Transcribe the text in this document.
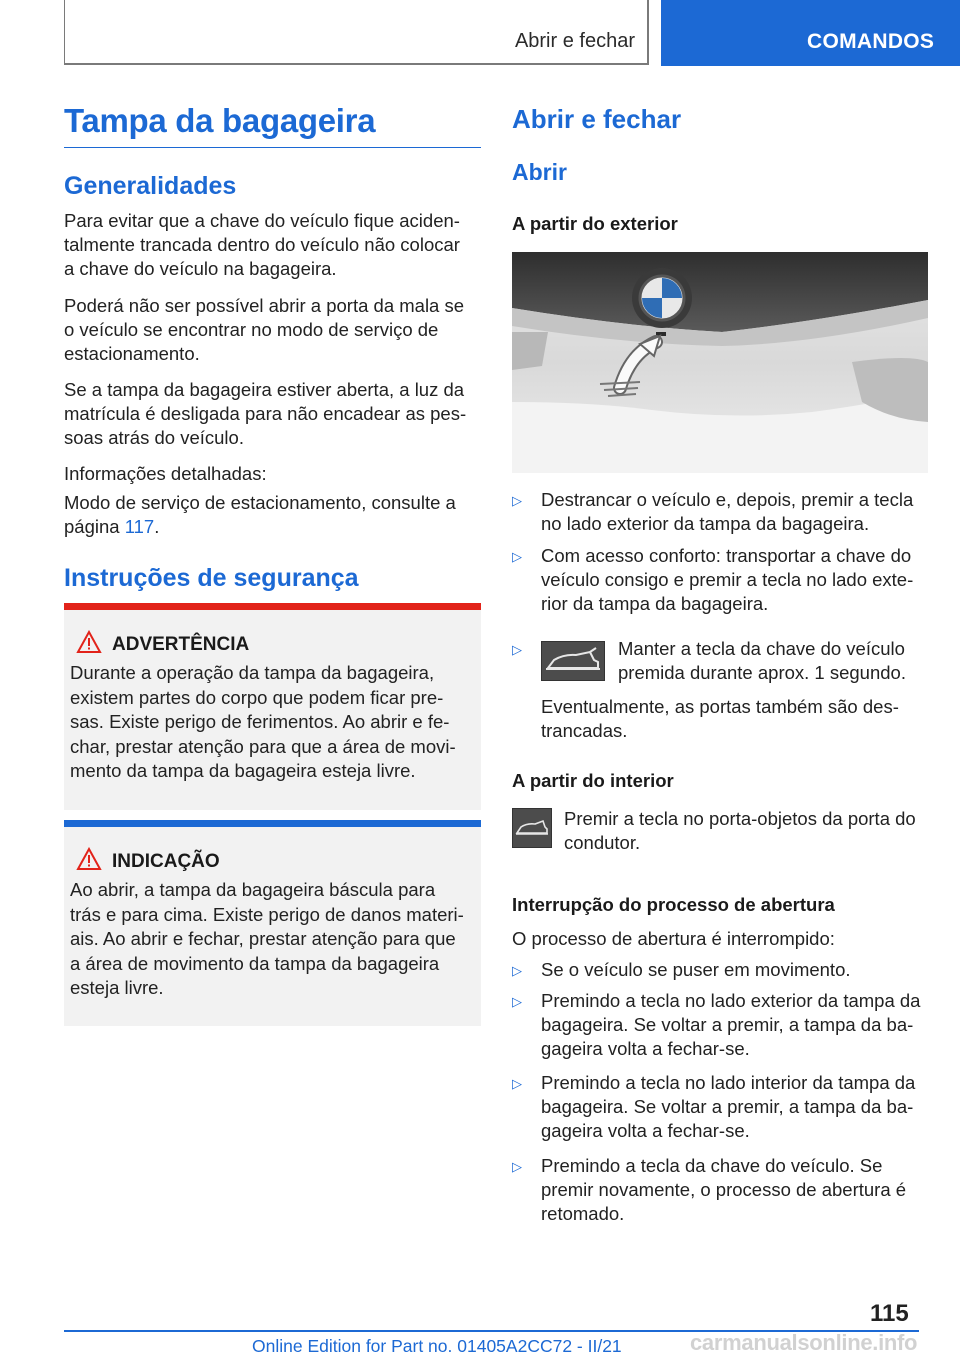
Abrir e fechar	COMANDOS
Tampa da bagageira
Generalidades
Para evitar que a chave do veículo fique aciden-
talmente trancada dentro do veículo não colocar
a chave do veículo na bagageira.
Poderá não ser possível abrir a porta da mala se
o veículo se encontrar no modo de serviço de
estacionamento.
Se a tampa da bagageira estiver aberta, a luz da
matrícula é desligada para não encadear as pes-
soas atrás do veículo.
Informações detalhadas:
Modo de serviço de estacionamento, consulte a
página 117.
Instruções de segurança
ADVERTÊNCIA
Durante a operação da tampa da bagageira,
existem partes do corpo que podem ficar pre-
sas. Existe perigo de ferimentos. Ao abrir e fe-
char, prestar atenção para que a área de movi-
mento da tampa da bagageira esteja livre.
INDICAÇÃO
Ao abrir, a tampa da bagageira báscula para
trás e para cima. Existe perigo de danos materi-
ais. Ao abrir e fechar, prestar atenção para que
a área de movimento da tampa da bagageira
esteja livre.
Abrir e fechar
Abrir
A partir do exterior
▷ Destrancar o veículo e, depois, premir a tecla
no lado exterior da tampa da bagageira.
▷ Com acesso conforto: transportar a chave do
veículo consigo e premir a tecla no lado exte-
rior da tampa da bagageira.
▷	Manter a tecla da chave do veículo
premida durante aprox. 1 segundo.
Eventualmente, as portas também são des-
trancadas.
A partir do interior
Premir a tecla no porta-objetos da porta do
condutor.
Interrupção do processo de abertura
O processo de abertura é interrompido:
▷ Se o veículo se puser em movimento.
▷ Premindo a tecla no lado exterior da tampa da
bagageira. Se voltar a premir, a tampa da ba-
gageira volta a fechar-se.
▷ Premindo a tecla no lado interior da tampa da
bagageira. Se voltar a premir, a tampa da ba-
gageira volta a fechar-se.
▷ Premindo a tecla da chave do veículo. Se
premir novamente, o processo de abertura é
retomado.
115
carmanualsonline.info
Online Edition for Part no. 01405A2CC72 - II/21
